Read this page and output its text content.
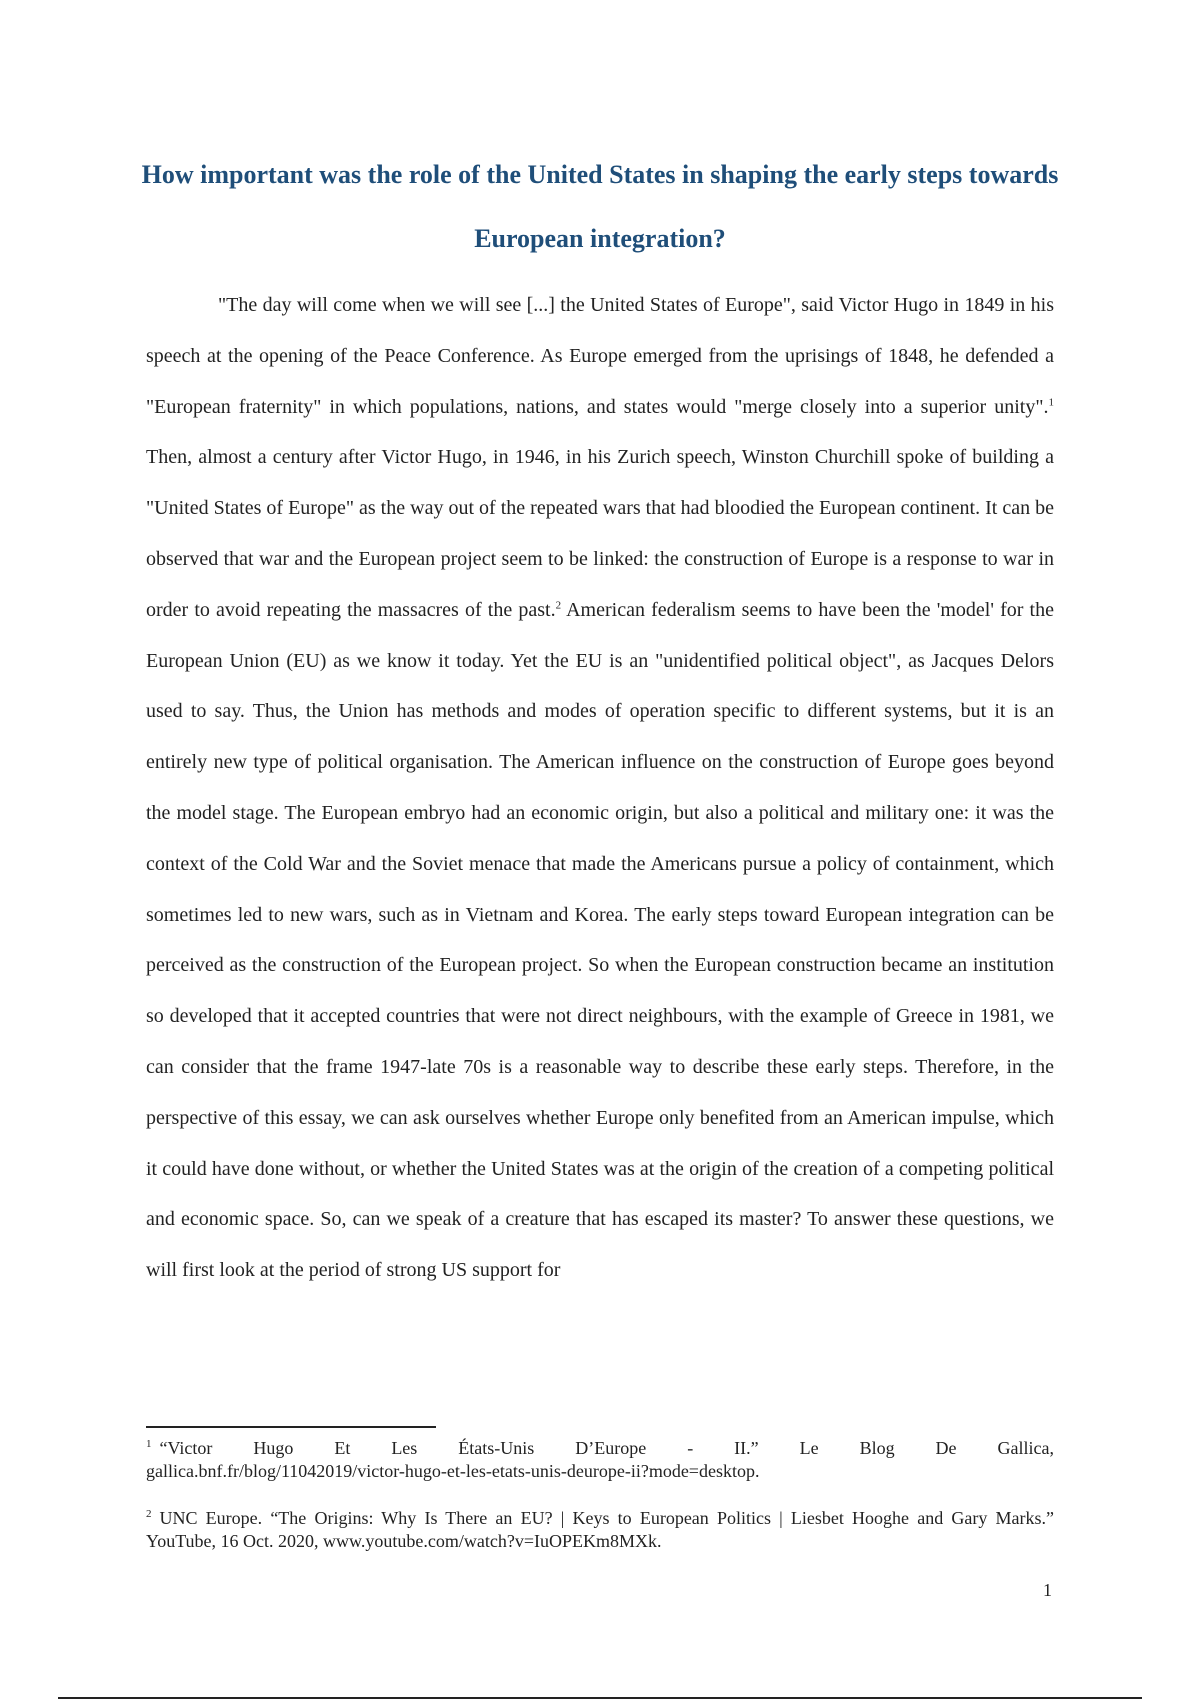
How important was the role of the United States in shaping the early steps towards European integration?

"The day will come when we will see [...] the United States of Europe", said Victor Hugo in 1849 in his speech at the opening of the Peace Conference. As Europe emerged from the uprisings of 1848, he defended a "European fraternity" in which populations, nations, and states would "merge closely into a superior unity".$^1$ Then, almost a century after Victor Hugo, in 1946, in his Zurich speech, Winston Churchill spoke of building a "United States of Europe" as the way out of the repeated wars that had bloodied the European continent. It can be observed that war and the European project seem to be linked: the construction of Europe is a response to war in order to avoid repeating the massacres of the past.$^2$ American federalism seems to have been the 'model' for the European Union (EU) as we know it today. Yet the EU is an "unidentified political object", as Jacques Delors used to say. Thus, the Union has methods and modes of operation specific to different systems, but it is an entirely new type of political organisation. The American influence on the construction of Europe goes beyond the model stage. The European embryo had an economic origin, but also a political and military one: it was the context of the Cold War and the Soviet menace that made the Americans pursue a policy of containment, which sometimes led to new wars, such as in Vietnam and Korea. The early steps toward European integration can be perceived as the construction of the European project. So when the European construction became an institution so developed that it accepted countries that were not direct neighbours, with the example of Greece in 1981, we can consider that the frame 1947-late 70s is a reasonable way to describe these early steps. Therefore, in the perspective of this essay, we can ask ourselves whether Europe only benefited from an American impulse, which it could have done without, or whether the United States was at the origin of the creation of a competing political and economic space. So, can we speak of a creature that has escaped its master? To answer these questions, we will first look at the period of strong US support for

$^1$ “Victor Hugo Et Les États-Unis D’Europe - II.” Le Blog De Gallica,
gallica.bnf.fr/blog/11042019/victor-hugo-et-les-etats-unis-deurope-ii?mode=desktop.
$^2$ UNC Europe. “The Origins: Why Is There an EU? | Keys to European Politics | Liesbet Hooghe and Gary Marks.” YouTube, 16 Oct. 2020, www.youtube.com/watch?v=IuOPEKm8MXk.
1
